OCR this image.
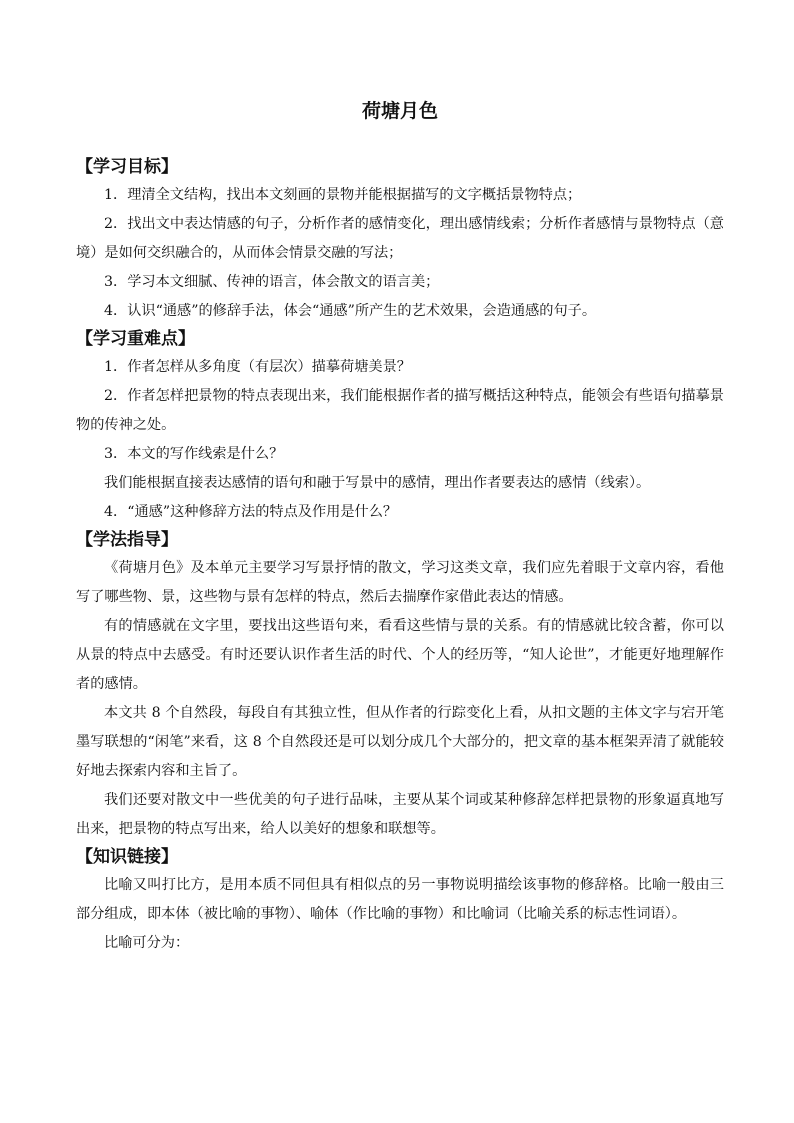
荷塘月色
【学习目标】

1．理清全文结构，找出本文刻画的景物并能根据描写的文字概括景物特点；

2．找出文中表达情感的句子，分析作者的感情变化，理出感情线索；分析作者感情与景物特点（意境）是如何交织融合的，从而体会情景交融的写法；

3．学习本文细腻、传神的语言，体会散文的语言美；

4．认识“通感”的修辞手法，体会“通感”所产生的艺术效果，会造通感的句子。

【学习重难点】

1．作者怎样从多角度（有层次）描摹荷塘美景？

2．作者怎样把景物的特点表现出来，我们能根据作者的描写概括这种特点，能领会有些语句描摹景物的传神之处。

3．本文的写作线索是什么？

我们能根据直接表达感情的语句和融于写景中的感情，理出作者要表达的感情（线索）。

4．“通感”这种修辞方法的特点及作用是什么？

【学法指导】

《荷塘月色》及本单元主要学习写景抒情的散文，学习这类文章，我们应先着眼于文章内容，看他写了哪些物、景，这些物与景有怎样的特点，然后去揣摩作家借此表达的情感。

有的情感就在文字里，要找出这些语句来，看看这些情与景的关系。有的情感就比较含蓄，你可以从景的特点中去感受。有时还要认识作者生活的时代、个人的经历等，“知人论世”，才能更好地理解作者的感情。

本文共 8 个自然段，每段自有其独立性，但从作者的行踪变化上看，从扣文题的主体文字与宕开笔墨写联想的“闲笔”来看，这 8 个自然段还是可以划分成几个大部分的，把文章的基本框架弄清了就能较好地去探索内容和主旨了。

我们还要对散文中一些优美的句子进行品味，主要从某个词或某种修辞怎样把景物的形象逼真地写出来，把景物的特点写出来，给人以美好的想象和联想等。

【知识链接】

比喻又叫打比方，是用本质不同但具有相似点的另一事物说明描绘该事物的修辞格。比喻一般由三部分组成，即本体（被比喻的事物）、喻体（作比喻的事物）和比喻词（比喻关系的标志性词语）。

比喻可分为：
